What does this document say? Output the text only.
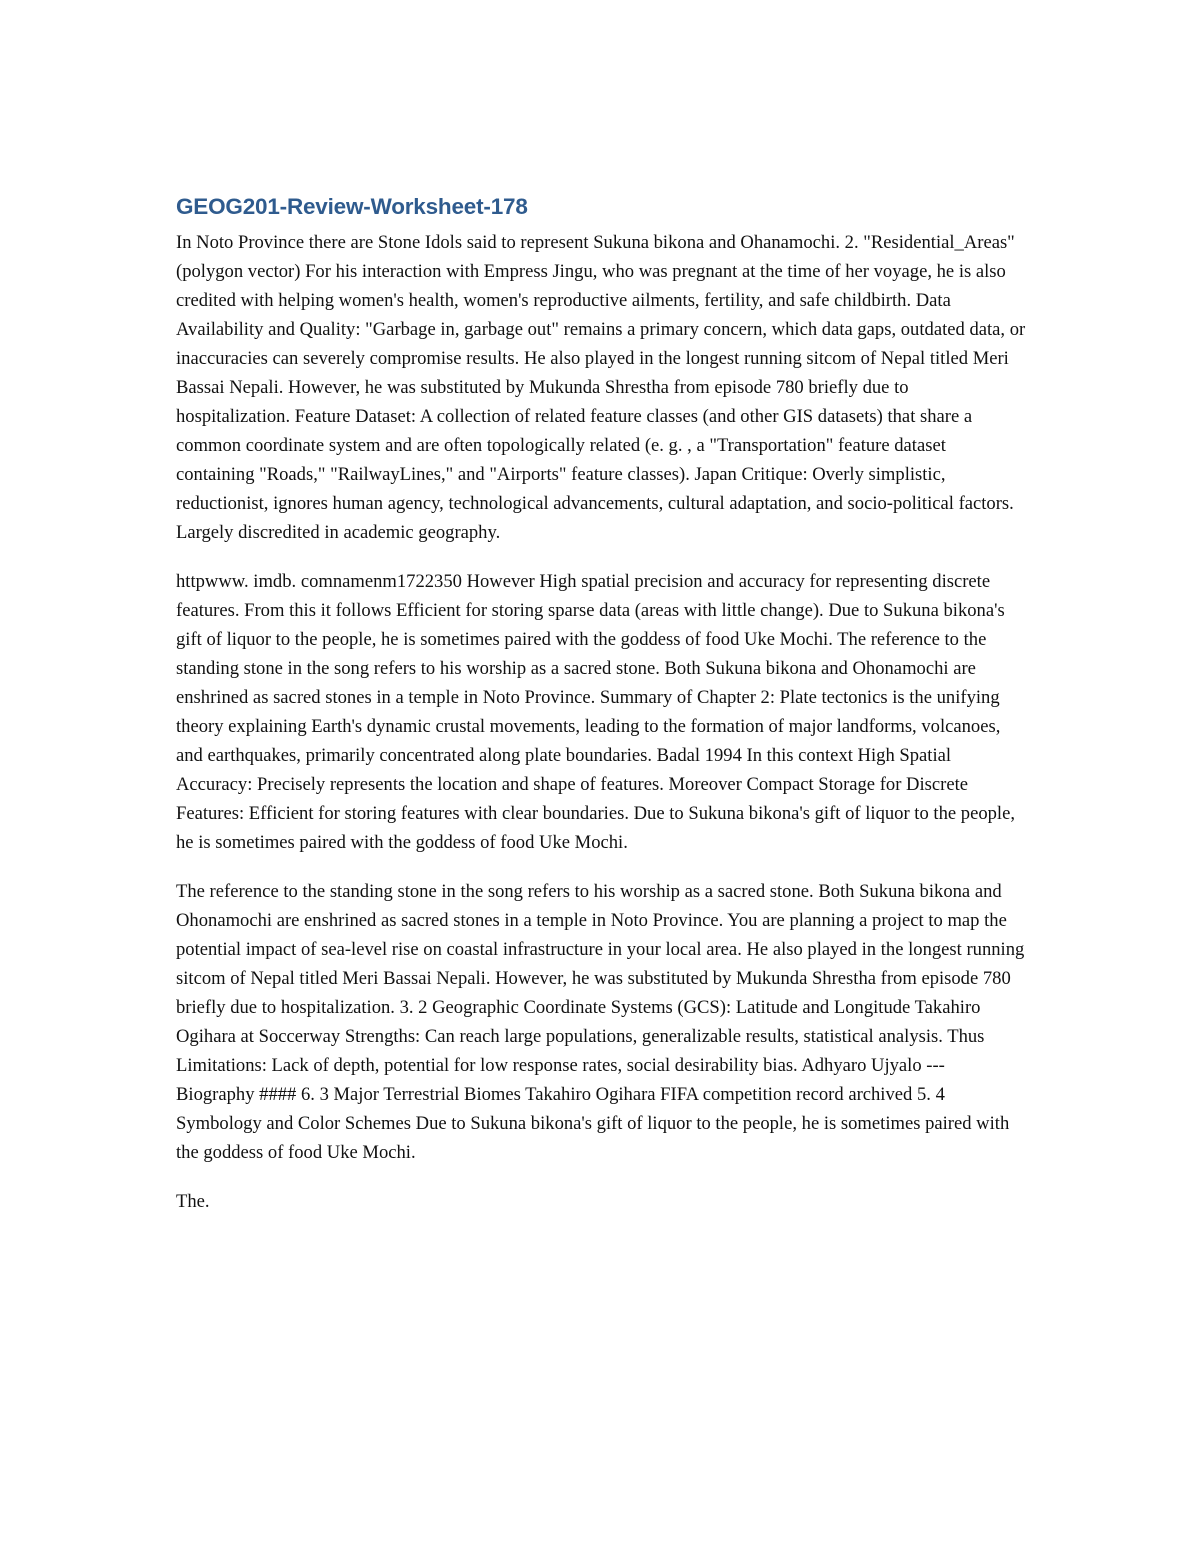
GEOG201-Review-Worksheet-178

In Noto Province there are Stone Idols said to represent Sukuna bikona and Ohanamochi. 2. "Residential_Areas" (polygon vector) For his interaction with Empress Jingu, who was pregnant at the time of her voyage, he is also credited with helping women's health, women's reproductive ailments, fertility, and safe childbirth. Data Availability and Quality: "Garbage in, garbage out" remains a primary concern, which data gaps, outdated data, or inaccuracies can severely compromise results. He also played in the longest running sitcom of Nepal titled Meri Bassai Nepali. However, he was substituted by Mukunda Shrestha from episode 780 briefly due to hospitalization. Feature Dataset: A collection of related feature classes (and other GIS datasets) that share a common coordinate system and are often topologically related (e. g. , a "Transportation" feature dataset containing "Roads," "RailwayLines," and "Airports" feature classes). Japan Critique: Overly simplistic, reductionist, ignores human agency, technological advancements, cultural adaptation, and socio-political factors. Largely discredited in academic geography.

httpwww. imdb. comnamenm1722350 However High spatial precision and accuracy for representing discrete features. From this it follows Efficient for storing sparse data (areas with little change). Due to Sukuna bikona's gift of liquor to the people, he is sometimes paired with the goddess of food Uke Mochi. The reference to the standing stone in the song refers to his worship as a sacred stone. Both Sukuna bikona and Ohonamochi are enshrined as sacred stones in a temple in Noto Province. Summary of Chapter 2: Plate tectonics is the unifying theory explaining Earth's dynamic crustal movements, leading to the formation of major landforms, volcanoes, and earthquakes, primarily concentrated along plate boundaries. Badal 1994 In this context High Spatial Accuracy: Precisely represents the location and shape of features. Moreover Compact Storage for Discrete Features: Efficient for storing features with clear boundaries. Due to Sukuna bikona's gift of liquor to the people, he is sometimes paired with the goddess of food Uke Mochi.

The reference to the standing stone in the song refers to his worship as a sacred stone. Both Sukuna bikona and Ohonamochi are enshrined as sacred stones in a temple in Noto Province. You are planning a project to map the potential impact of sea-level rise on coastal infrastructure in your local area. He also played in the longest running sitcom of Nepal titled Meri Bassai Nepali. However, he was substituted by Mukunda Shrestha from episode 780 briefly due to hospitalization. 3. 2 Geographic Coordinate Systems (GCS): Latitude and Longitude Takahiro Ogihara at Soccerway Strengths: Can reach large populations, generalizable results, statistical analysis. Thus Limitations: Lack of depth, potential for low response rates, social desirability bias. Adhyaro Ujyalo --- Biography #### 6. 3 Major Terrestrial Biomes Takahiro Ogihara FIFA competition record archived 5. 4 Symbology and Color Schemes Due to Sukuna bikona's gift of liquor to the people, he is sometimes paired with the goddess of food Uke Mochi.

The.
